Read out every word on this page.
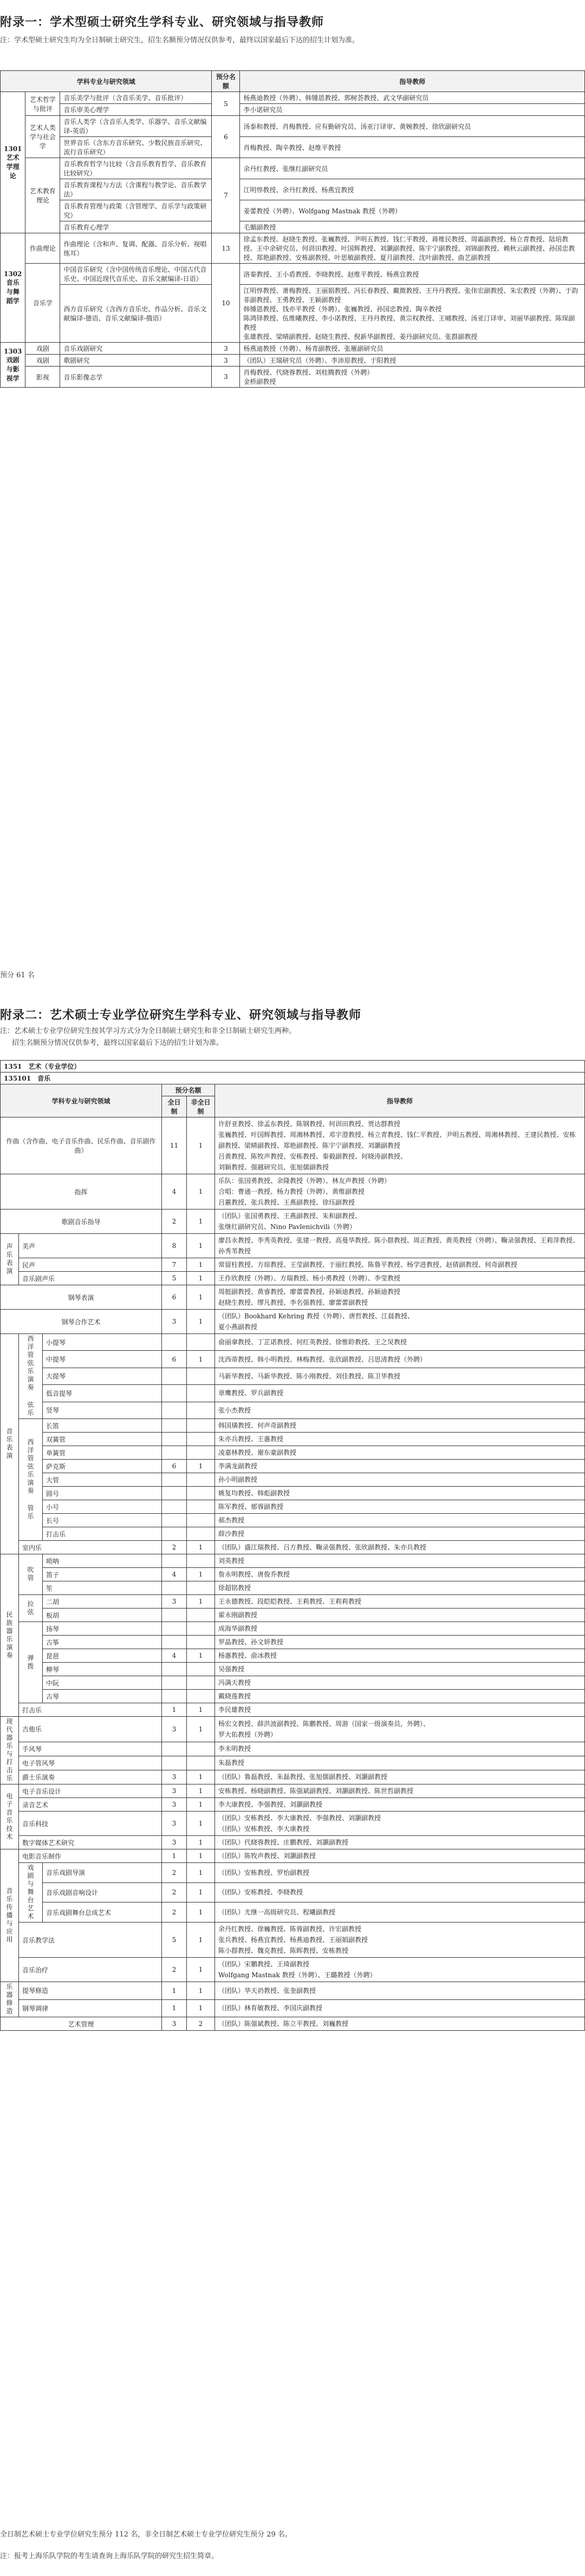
附录一：学术型硕士研究生学科专业、研究领域与指导教师
注：学术型硕士研究生均为全日制硕士研究生，招生名额预分情况仅供参考，最终以国家最后下达的招生计划为准。
学科专业与研究领域			预分名额	指导教师
1301 艺术学理论	艺术哲学与批评	音乐美学与批评（含音乐美学、音乐批评）	5	杨燕迪教授（外聘）、韩锺恩教授、郭树荟教授、武文华副研究员
		音乐审美心理学		李小诺研究员
	艺术人类学与社会学	音乐人类学（含音乐人类学、乐器学、音乐文献编译-英语）	6	汤泰和教授、肖梅教授、应有勤研究员、汤亚汀译审、黄婉教授、徐欣副研究员
		世界音乐（含东方音乐研究、少数民族音乐研究、流行音乐研究）		肖梅教授、陶辛教授、赵维平教授
	艺术教育理论	音乐教育哲学与比较（含音乐教育哲学、音乐教育比较研究）	7	余丹红教授、张继红副研究员
		音乐教育课程与方法（含课程与教学论、音乐教学法）		江明惇教授、余丹红教授、杨燕宜教授
		音乐教育管理与政策（含管理学、音乐学与政策研究）		姜蕾教授（外聘）、Wolfgang Mastnak 教授（外聘）
		音乐教育心理学		毛媚副教授
1302 音乐与舞蹈学	作曲理论	作曲理论（含和声、复调、配器、音乐分析、视唱练耳）	13	徐孟东教授、赵晓生教授、张巍教授、尹明五教授、钱仁平教授、蒋维民教授、周霜副教授、杨立青教授、陆培教授、王中余研究员、何训田教授、叶国辉教授、刘灏副教授、陈宇宁副教授、刘锦副教授、赖秋云副教授、孙国忠教授、郑艳副教授、安栋副教授、叶思敏副教授、夏月副教授、沈叶副教授、曲艺副教授
	音乐学	中国音乐研究（含中国传统音乐理论、中国古代音乐史、中国近现代音乐史、音乐文献编译-日语）	10	洛秦教授、王小盾教授、李晓教授、赵维平教授、杨燕宜教授
		西方音乐研究（含西方音乐史、作品分析、音乐文献编译-德语、音乐文献编译-俄语）		江明惇教授、萧梅教授、王丽娟教授、冯长春教授、戴微教授、王丹丹教授、张伟宏副教授、朱宏教授（外聘）、于韵菲副教授、王勇教授、王颖副教授
韩锺恩教授、钱亦平教授（外聘）、张巍教授、孙国忠教授、陶辛教授
陈鸿铎教授、伍维曦教授、李小诺教授、王丹丹教授、黄宗权教授、王晡教授、汤亚汀译审、刘丽华副教授、陈琛副教授
张雄教授、梁晴副教授、赵晓生教授、倪新华副教授、姜丹副研究员、张群副教授

1303 戏剧与影视学	戏剧	音乐戏剧研究	3	杨燕迪教授（外聘）、杨青副教授、张雁副研究员
	戏剧	歌剧研究	3	（团队）王瑞研究员（外聘）、李沛原教授、于阳教授
	影视	音乐影像志学	3	肖梅教授、代晓蓉教授、刘桂腾教授（外聘）
金桥副教授
预分 61 名
附录二：艺术硕士专业学位研究生学科专业、研究领域与指导教师
注：艺术硕士专业学位研究生按其学习方式分为全日制硕士研究生和非全日制硕士研究生两种。
招生名额预分情况仅供参考，最终以国家最后下达的招生计划为准。
1351　艺术（专业学位）					
135101　音乐					
学科专业与研究领域			预分名额		指导教师
			全日制	非全日制	
作曲（含作曲、电子音乐作曲、民乐作曲、音乐剧作曲）			11	1	许舒亚教授、徐孟东教授、陈钢教授、何训田教授、贾达群教授
张巍教授、叶国辉教授、周湘林教授、邓宇澄教授、杨立青教授、钱仁平教授、尹明五教授、周湘林教授、王建民教授、安栋副教授、梁晴副教授、郑艳副教授、陈宇宁副教授、刘灏副教授
吕黄教授、陈牧声教授、安栋教授、秦毅副教授、何晓涛副教授、
刘颖教授、强越研究员、张旭儒副教授

指挥			4	1	乐队：张国勇教授、余隆教授（外聘）、林友声教授（外聘）
合唱：曹通一教授、杨力教授（外聘）、黄维副教授
吕蕙教授、张兵教授、王燕副教授、徐珏副教授

歌剧音乐指导			2	1	（团队）张国勇教授、王燕副教授、朱和副教授、
张继红副研究员、Nino Pavlenichvili（外聘）

声乐表演	美声		8	1	廖昌永教授、李秀英教授、张建一教授、高曼华教授、陈小群教授、周正教授、黄英教授（外聘）、鞠录强教授、王莉萍教授、孙秀苇教授

	民声		7	1	常留柱教授、方琼教授、王莹副教授、于丽红教授、陈鲁平教授、杨学进教授、赵倩副教授、何奇副教授

	音乐剧声乐		5	1	王作欣教授（外聘）、方瑞教授、杨小勇教授（外聘）、李莹教授

钢琴表演			6	1	周挺副教授、黄睿教授、廖蕾蕾教授、孙颖迪教授、孙颖迪教授
赵晓生教授、缪凡教授、李名强教授、廖蕾蕾副教授

钢琴合作艺术			3	1	（团队）Bookhard Kehring 教授（外聘）、唐哲教授、江晨教授、
夏小燕副教授

音乐表演	西洋管弦乐演奏 弦乐	小提琴			俞丽拿教授、丁芷诺教授、何红英教授、徐惟聆教授、王之炅教授

		中提琴	6	1	沈西蒂教授、韩小明教授、林梅教授、张欣副教授、吕思清教授（外聘）

		大提琴			马新华教授、马新华教授、陈小刚教授、刘佳教授、陈卫华教授

		低音提琴			章鹰教授、罗兵副教授

		竖琴			张小杰教授

	西洋管弦乐演奏 管乐	长笛			韩国璜教授、何声奇副教授

		双簧管			朱亦兵教授、王惠教授

		单簧管			凌嘉林教授、谢东豪副教授

		萨克斯	6	1	李满龙副教授

		大管			孙小明副教授

		圆号			姚复均教授、韩彪副教授

		小号			陈军教授、郁蓉副教授

		长号			郝杰教授

		打击乐			薛沙教授

	室内乐		2	1	（团队）盛江瑞教授、吕方教授、鞠录强教授、张欣副教授、朱亦兵教授

民族器乐演奏	吹管	唢呐			刘英教授

		笛子	4	1	詹永明教授、唐俊乔教授

		笙			徐超铭教授

	拉弦	二胡	3	1	王永德教授、段皑皑教授、王莉教授、王莉莉教授

		板胡			霍永刚副教授

	弹拨	扬琴			成海华副教授

		古筝			罗晶教授、孙文妍教授

		琵琶	4	1	杨惠教授、俞冰教授

		柳琴			吴强教授

		中阮			冯满天教授

		古琴			戴晓莲教授

	打击乐		1	1	李民雄教授

现代器乐与打击乐	吉他乐		3	1	杨宏文教授、薛洪波副教授、陈鹏教授、周游（国家一级演奏员，外聘）、
罗大佑教授（外聘）

	手风琴				李未明教授

	电子管风琴				朱磊教授

	爵士乐演奏		3	1	（团队）鲁磊教授、朱磊教授、张旭儒副教授、刘灏副教授

电子音乐技术	电子音乐设计		3	1	安栋教授、杨晓副教授、陈强斌副教授、刘灏副教授、陈世哲副教授

	录音艺术		3	1	李大康教授、李强教授、刘灏副教授

	音乐科技		3	1	（团队）安栋教授、李大康教授、李强教授、刘灏副教授
（团队）安栋教授、李大康教授

	数字媒体艺术研究		3	1	（团队）代晓蓉教授、庄鹏教授、刘灏副教授

音乐传播与应用	电影音乐制作		1	1	（团队）陈牧声教授、刘灏副教授

	戏剧与舞台艺术	音乐戏剧导演	2	1	（团队）安栋教授、罗怡副教授

		音乐戏剧音响设计	2	1	（团队）安栋教授、李晓教授

		音乐戏剧舞台总成艺术	2	1	（团队）尤继一高级研究员、程曦副教授

	音乐教学法		5	1	余丹红教授、徐巍教授、陈蓉副教授、许宏副教授
张兵教授、杨燕宜教授、杨燕迪教授、王丽娟副教授
陈小群教授、魏克教授、陈晖教授、安栋教授

	音乐治疗		2	1	（团队）宋鹏教授、王琦副教授
Wolfgang Mastnak 教授（外聘）、王璐教授（外聘）

乐器修造	提琴修造		1	1	（团队）华天礽教授、张奎副教授

	钢琴调律		1	1	（团队）林育敏教授、李国庆副教授

艺术管理			3	2	（团队）陈强斌教授、陈立平教授、刘巍教授
全日制艺术硕士专业学位研究生预分 112 名，非全日制艺术硕士专业学位研究生预分 29 名。
注：报考上海乐队学院的考生请查询上海乐队学院的研究生招生简章。
